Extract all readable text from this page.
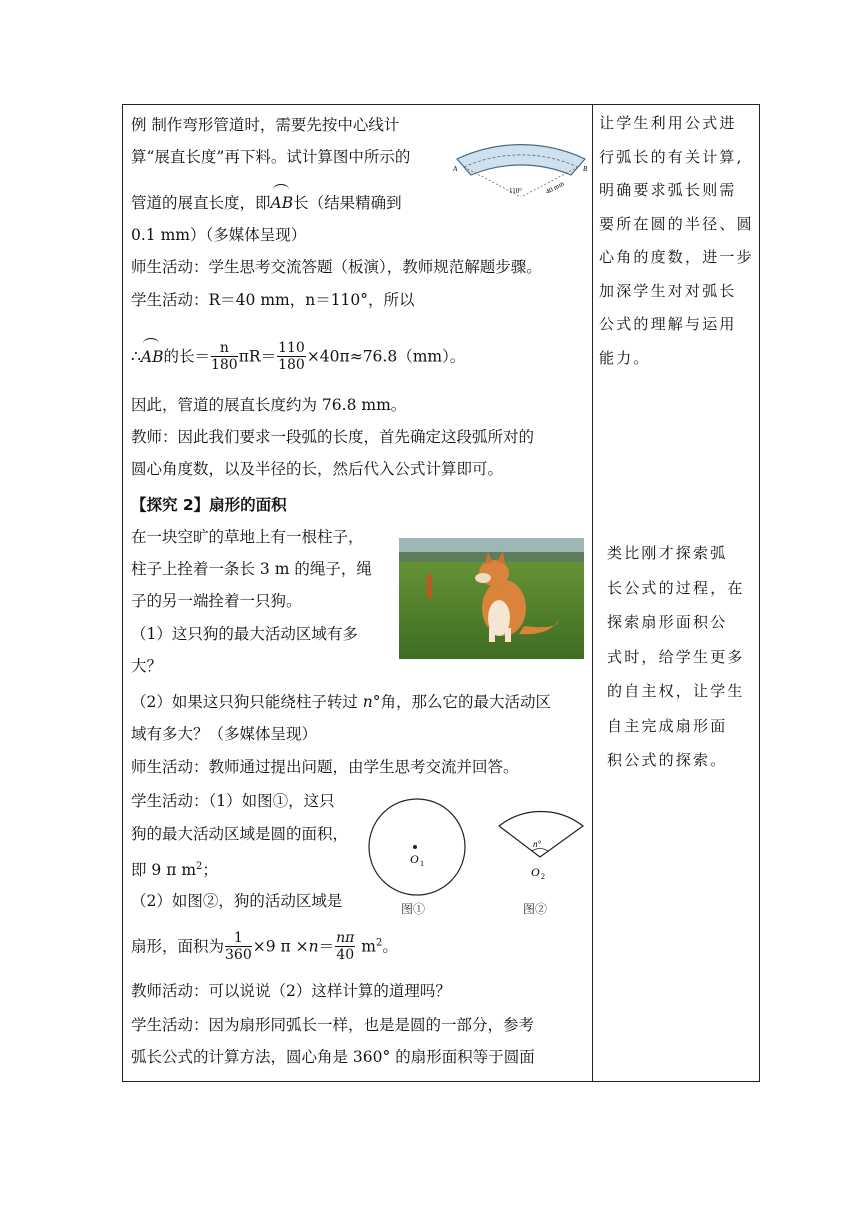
例 制作弯形管道时，需要先按中心线计
算“展直长度”再下料。试计算图中所示的
管道的展直长度，即AB长（结果精确到
0.1 mm）（多媒体呈现）
师生活动：学生思考交流答题（板演），教师规范解题步骤。
学生活动：R＝40 mm，n＝110°，所以
∴AB的长＝ $\frac{n}{180} \pi R= \frac{110}{180} \times 40\pi\approx 76.8(mm)$。
因此，管道的展直长度约为 76.8 mm。
教师：因此我们要求一段弧的长度，首先确定这段弧所对的
圆心角度数，以及半径的长，然后代入公式计算即可。
【探究 2】扇形的面积
在一块空旷的草地上有一根柱子，
柱子上拴着一条长 3 m 的绳子，绳
子的另一端拴着一只狗。
（1）这只狗的最大活动区域有多
大？
（2）如果这只狗只能绕柱子转过 n°角，那么它的最大活动区
域有多大？（多媒体呈现）
师生活动：教师通过提出问题，由学生思考交流并回答。
学生活动：（1）如图①，这只
狗的最大活动区域是圆的面积，
即 9 π $m^2$；
（2）如图②，狗的活动区域是
扇形，面积为 $\frac{1}{360} \times 9$ $\pi \times n= \frac{n\pi}{40} m^2$。
教师活动：可以说说（2）这样计算的道理吗？
学生活动：因为扇形同弧长一样，也是是圆的一部分，参考
弧长公式的计算方法，圆心角是 360° 的扇形面积等于圆面
A	B
110°	40 mm
O 1
图①
n°
O 2
图②
让学生利用公式进
行弧长的有关计算,
明确要求弧长则需
要所在圆的半径、圆
心角的度数，进一步
加深学生对对弧长
公式的理解与运用
能力。
类比刚才探索弧
长公式的过程，在
探索扇形面积公
式时，给学生更多
的自主权，让学生
自主完成扇形面
积公式的探索。
